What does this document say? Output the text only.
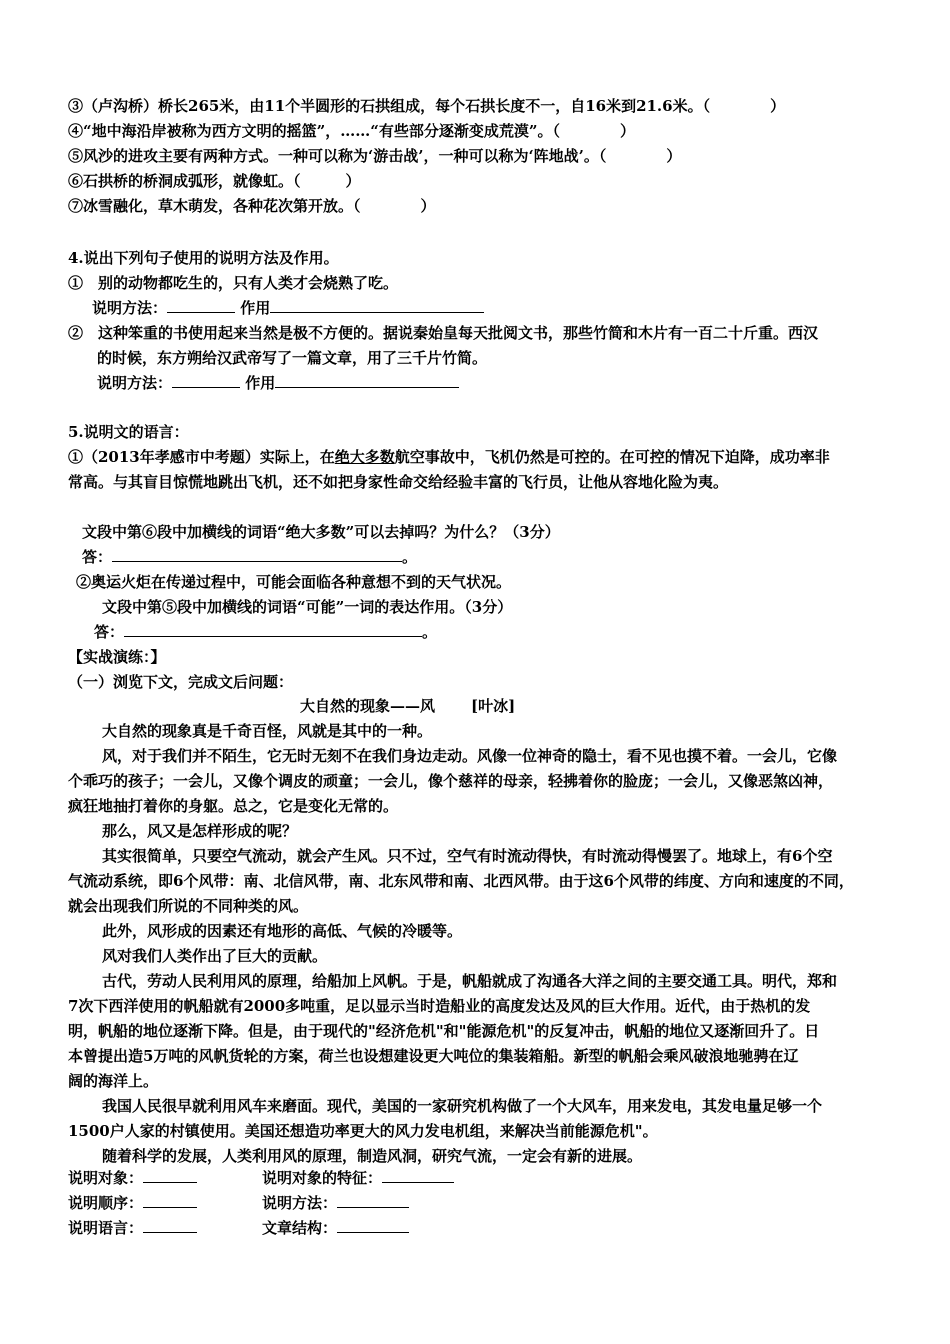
③（卢沟桥）桥长265米，由11个半圆形的石拱组成，每个石拱长度不一，自16米到21.6米。（　　　　）
④“地中海沿岸被称为西方文明的摇篮”，……“有些部分逐渐变成荒漠”。（　　　　）
⑤风沙的进攻主要有两种方式。一种可以称为‘游击战’，一种可以称为‘阵地战’。（　　　　）
⑥石拱桥的桥洞成弧形，就像虹。（　　　）
⑦冰雪融化，草木萌发，各种花次第开放。（　　　　）
4.说出下列句子使用的说明方法及作用。
①　别的动物都吃生的，只有人类才会烧熟了吃。
说明方法：	作用
②　这种笨重的书使用起来当然是极不方便的。据说秦始皇每天批阅文书，那些竹简和木片有一百二十斤重。西汉
的时候，东方朔给汉武帝写了一篇文章，用了三千片竹简。
说明方法：	作用
5.说明文的语言：
①（2013年孝感市中考题）实际上，在绝大多数航空事故中，飞机仍然是可控的。在可控的情况下迫降，成功率非
常高。与其盲目惊慌地跳出飞机，还不如把身家性命交给经验丰富的飞行员，让他从容地化险为夷。
文段中第⑥段中加横线的词语“绝大多数”可以去掉吗？为什么？（3分）
答：	。
②奥运火炬在传递过程中，可能会面临各种意想不到的天气状况。
文段中第⑤段中加横线的词语“可能”一词的表达作用。（3分）
答：	。
【实战演练：】
（一）浏览下文，完成文后问题：
大自然的现象——风 [叶冰]
大自然的现象真是千奇百怪，风就是其中的一种。
风，对于我们并不陌生，它无时无刻不在我们身边走动。风像一位神奇的隐士，看不见也摸不着。一会儿，它像
个乖巧的孩子；一会儿，又像个调皮的顽童；一会儿，像个慈祥的母亲，轻拂着你的脸庞；一会儿，又像恶煞凶神，
疯狂地抽打着你的身躯。总之，它是变化无常的。
那么，风又是怎样形成的呢？
其实很简单，只要空气流动，就会产生风。只不过，空气有时流动得快，有时流动得慢罢了。地球上，有6个空
气流动系统，即6个风带：南、北信风带，南、北东风带和南、北西风带。由于这6个风带的纬度、方向和速度的不同，
就会出现我们所说的不同种类的风。
此外，风形成的因素还有地形的高低、气候的冷暖等。
风对我们人类作出了巨大的贡献。
古代，劳动人民利用风的原理，给船加上风帆。于是，帆船就成了沟通各大洋之间的主要交通工具。明代，郑和
7次下西洋使用的帆船就有2000多吨重，足以显示当时造船业的高度发达及风的巨大作用。近代，由于热机的发
明，帆船的地位逐渐下降。但是，由于现代的"经济危机"和"能源危机"的反复冲击，帆船的地位又逐渐回升了。日
本曾提出造5万吨的风帆货轮的方案，荷兰也设想建设更大吨位的集装箱船。新型的帆船会乘风破浪地驰骋在辽
阔的海洋上。
我国人民很早就利用风车来磨面。现代，美国的一家研究机构做了一个大风车，用来发电，其发电量足够一个
1500户人家的村镇使用。美国还想造功率更大的风力发电机组，来解决当前能源危机"。
随着科学的发展，人类利用风的原理，制造风洞，研究气流，一定会有新的进展。
说明对象：	说明对象的特征：
说明顺序：	说明方法：
说明语言：	文章结构：
